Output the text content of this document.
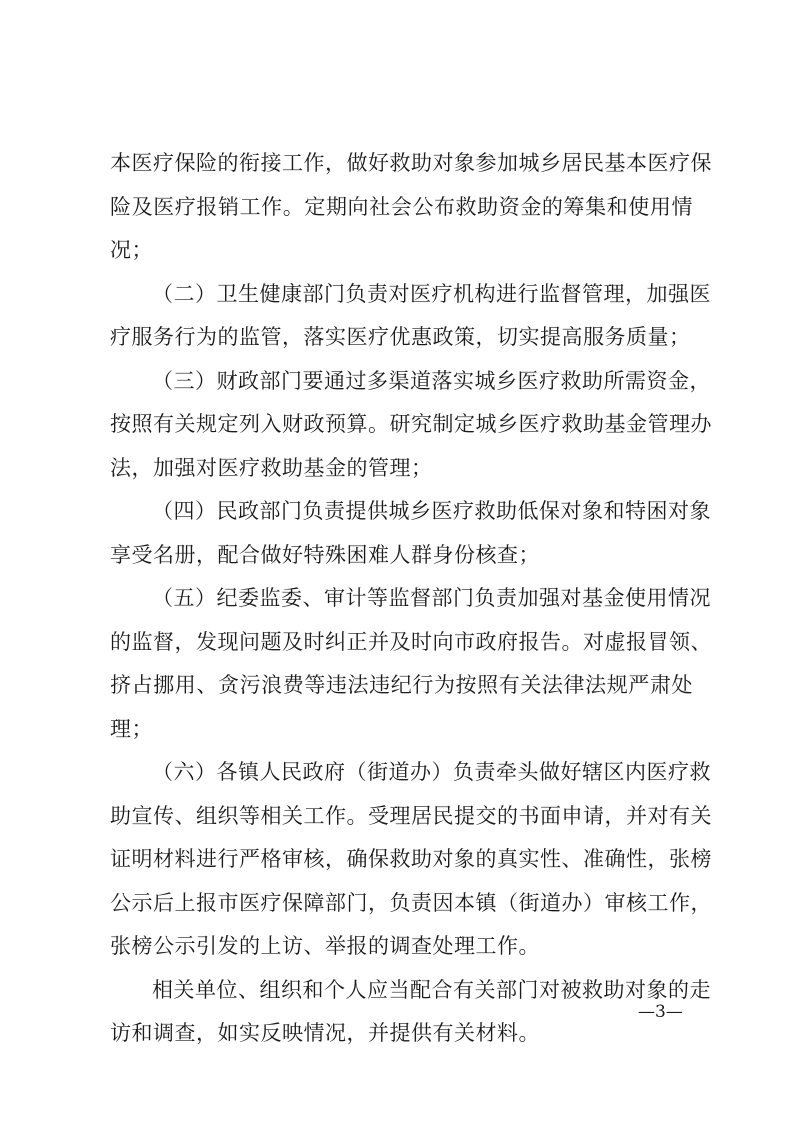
本医疗保险的衔接工作，做好救助对象参加城乡居民基本医疗保
险及医疗报销工作。定期向社会公布救助资金的筹集和使用情
况；
（二）卫生健康部门负责对医疗机构进行监督管理，加强医
疗服务行为的监管，落实医疗优惠政策，切实提高服务质量；
（三）财政部门要通过多渠道落实城乡医疗救助所需资金，
按照有关规定列入财政预算。研究制定城乡医疗救助基金管理办
法，加强对医疗救助基金的管理；
（四）民政部门负责提供城乡医疗救助低保对象和特困对象
享受名册，配合做好特殊困难人群身份核查；
（五）纪委监委、审计等监督部门负责加强对基金使用情况
的监督，发现问题及时纠正并及时向市政府报告。对虚报冒领、
挤占挪用、贪污浪费等违法违纪行为按照有关法律法规严肃处
理；
（六）各镇人民政府（街道办）负责牵头做好辖区内医疗救
助宣传、组织等相关工作。受理居民提交的书面申请，并对有关
证明材料进行严格审核，确保救助对象的真实性、准确性，张榜
公示后上报市医疗保障部门，负责因本镇（街道办）审核工作，
张榜公示引发的上访、举报的调查处理工作。
相关单位、组织和个人应当配合有关部门对被救助对象的走
访和调查，如实反映情况，并提供有关材料。
—3—
